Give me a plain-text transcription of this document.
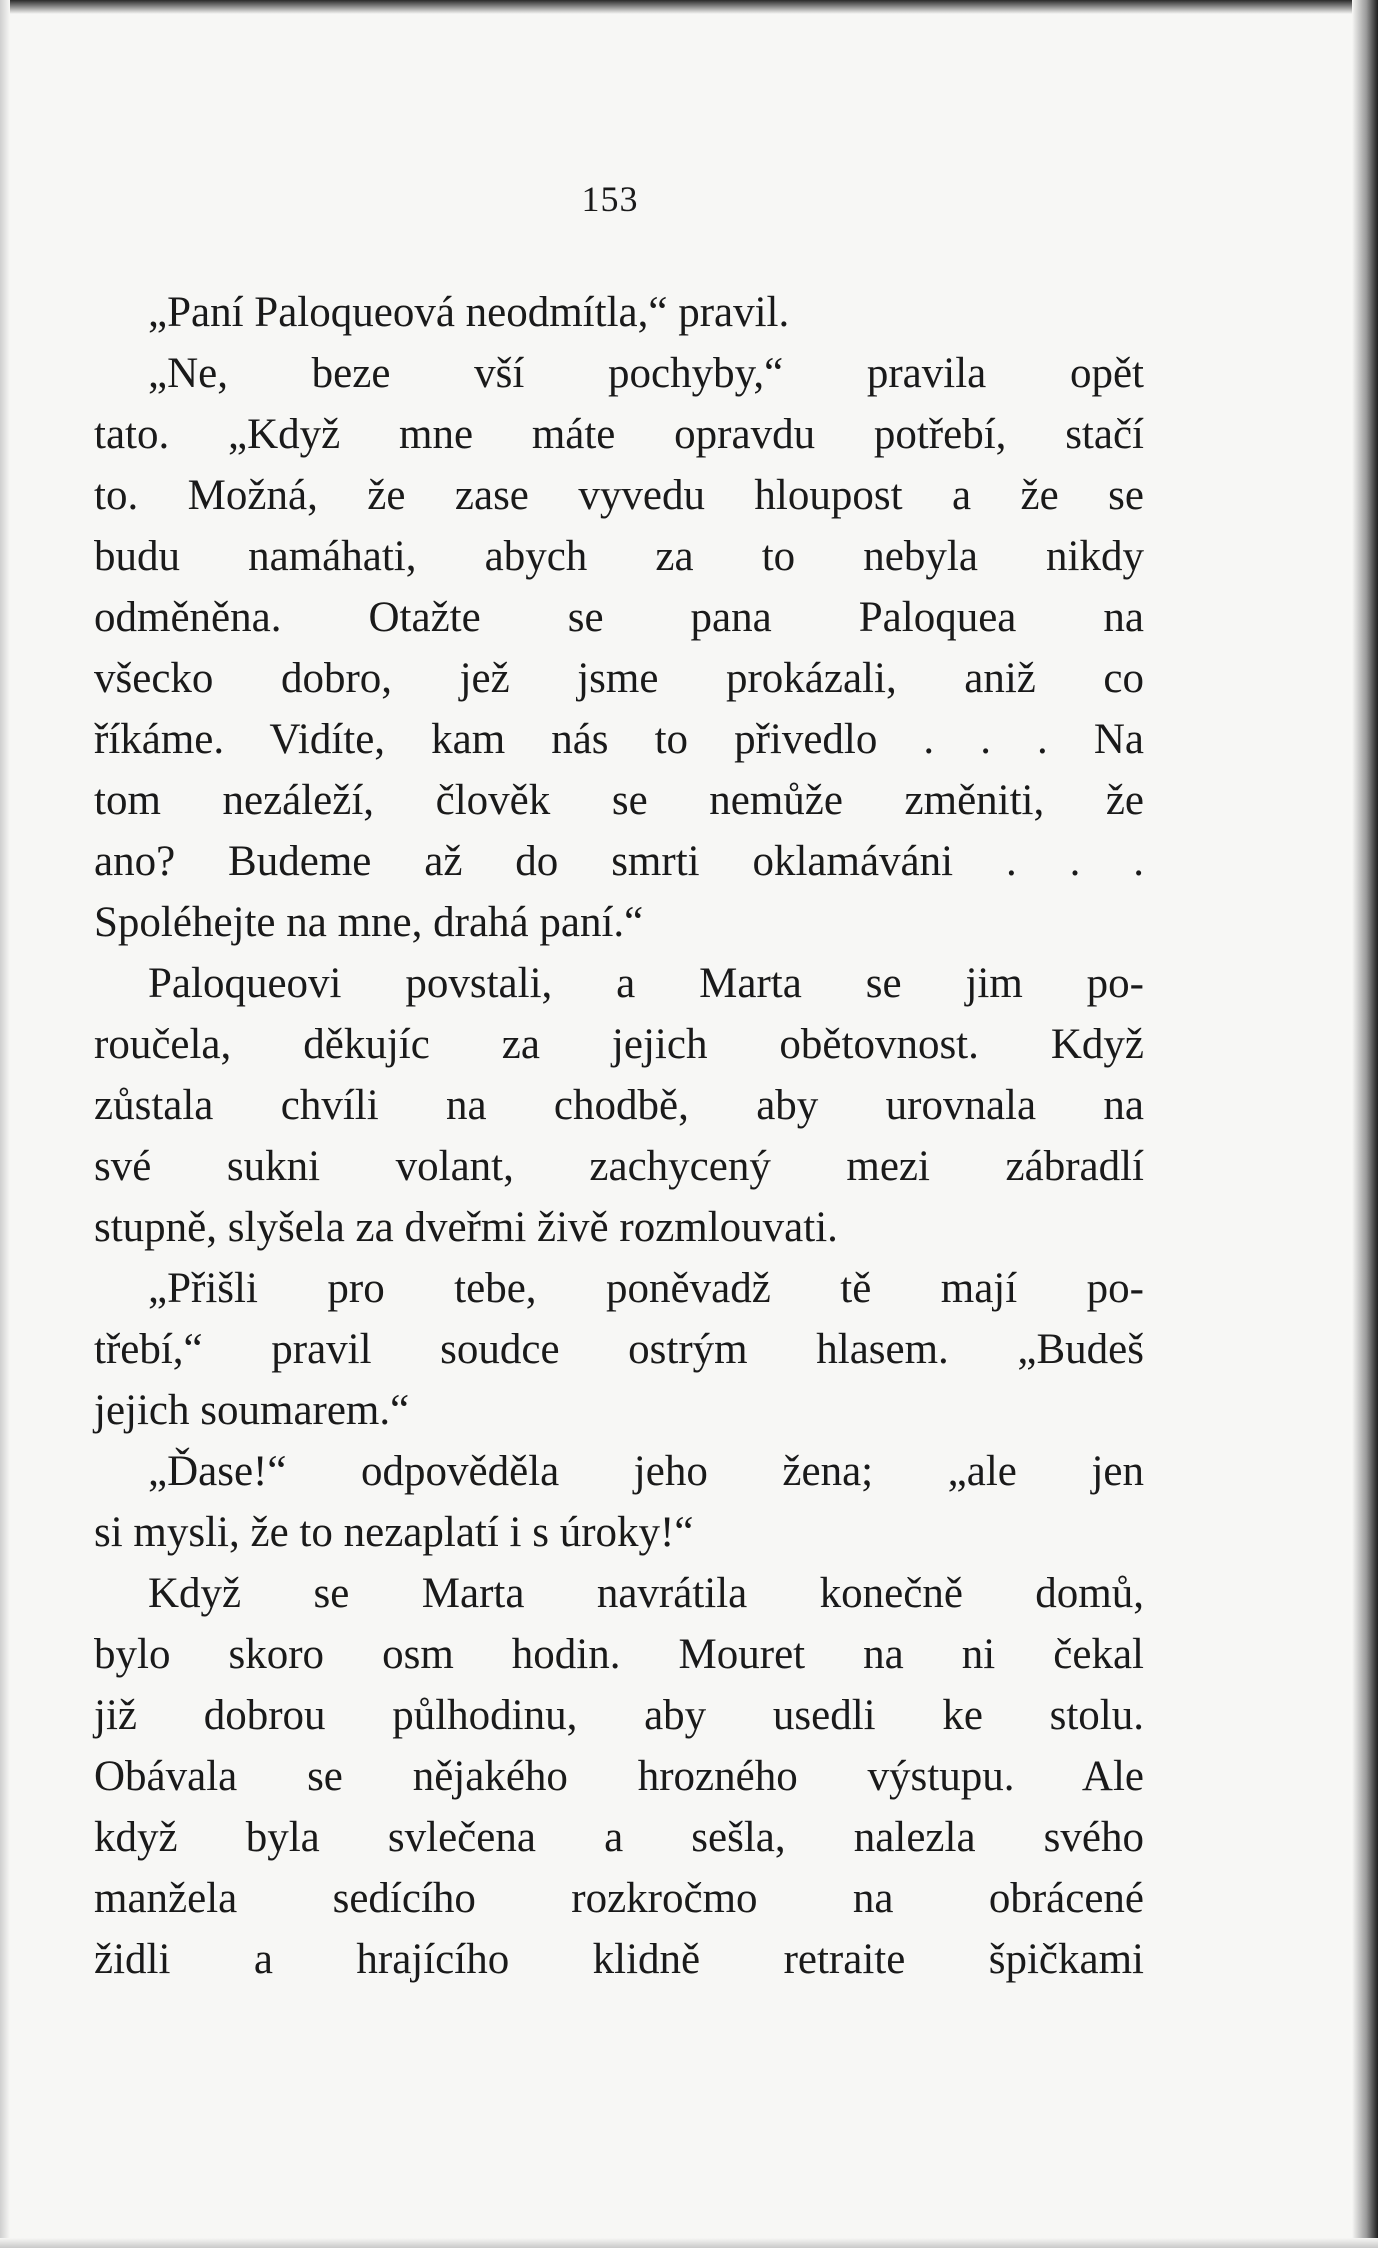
153
„Paní Paloqueová neodmítla,“ pravil.
„Ne, beze vší pochyby,“ pravila opět
tato. „Když mne máte opravdu potřebí, stačí
to. Možná, že zase vyvedu hloupost a že se
budu namáhati, abych za to nebyla nikdy
odměněna. Otažte se pana Paloquea na
všecko dobro, jež jsme prokázali, aniž co
říkáme. Vidíte, kam nás to přivedlo . . . Na
tom nezáleží, člověk se nemůže změniti, že
ano? Budeme až do smrti oklamáváni . . .
Spoléhejte na mne, drahá paní.“
Paloqueovi povstali, a Marta se jim po-
roučela, děkujíc za jejich obětovnost. Když
zůstala chvíli na chodbě, aby urovnala na
své sukni volant, zachycený mezi zábradlí
stupně, slyšela za dveřmi živě rozmlouvati.
„Přišli pro tebe, poněvadž tě mají po-
třebí,“ pravil soudce ostrým hlasem. „Budeš
jejich soumarem.“
„Ďase!“ odpověděla jeho žena; „ale jen
si mysli, že to nezaplatí i s úroky!“
Když se Marta navrátila konečně domů,
bylo skoro osm hodin. Mouret na ni čekal
již dobrou půlhodinu, aby usedli ke stolu.
Obávala se nějakého hrozného výstupu. Ale
když byla svlečena a sešla, nalezla svého
manžela sedícího rozkročmo na obrácené
židli a hrajícího klidně retraite špičkami
